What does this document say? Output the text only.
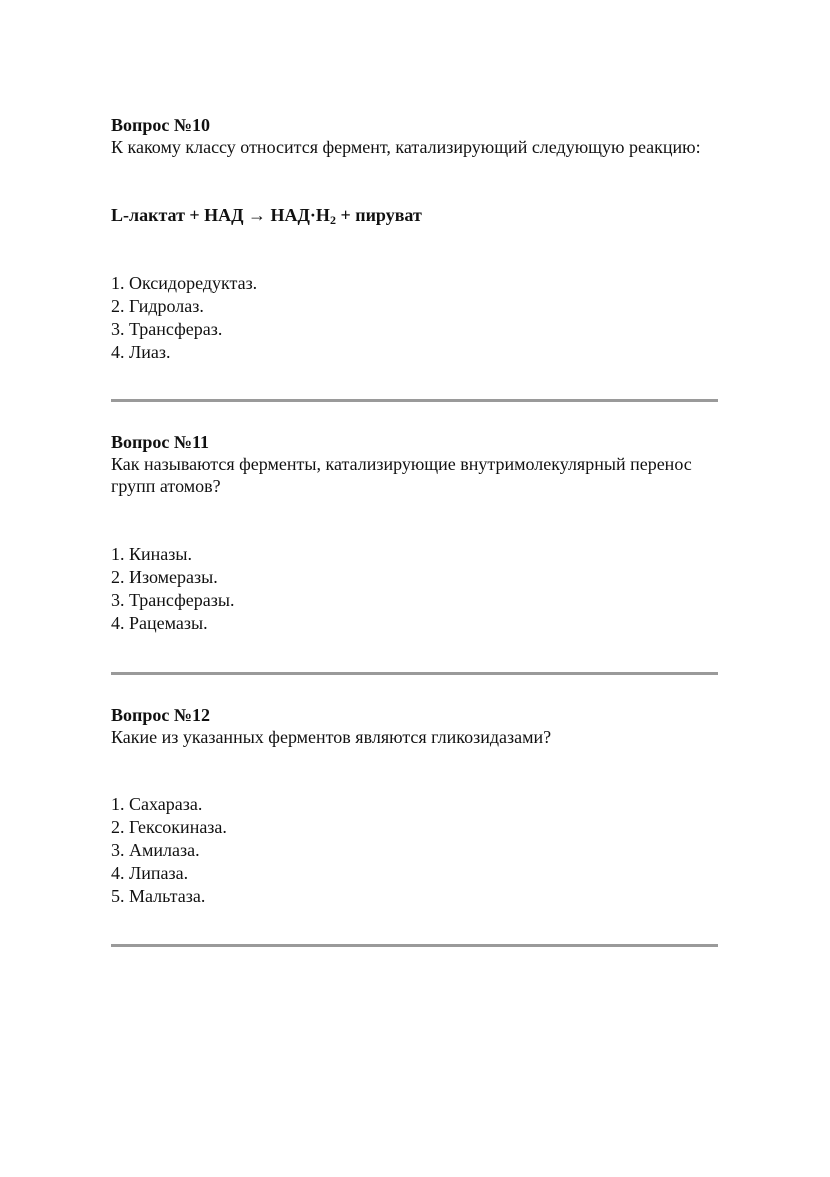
Вопрос №10

К какому классу относится фермент, катализирующий следующую реакцию:

L-лактат + НАД → $НАД\cdot Н_2$ + пируват

1. Оксидоредуктаз.
2. Гидролаз.
3. Трансфераз.
4. Лиаз.

Вопрос №11

Как называются ферменты, катализирующие внутримолекулярный перенос групп атомов?

1. Киназы.
2. Изомеразы.
3. Трансферазы.
4. Рацемазы.

Вопрос №12

Какие из указанных ферментов являются гликозидазами?

1. Сахараза.
2. Гексокиназа.
3. Амилаза.
4. Липаза.
5. Мальтаза.
